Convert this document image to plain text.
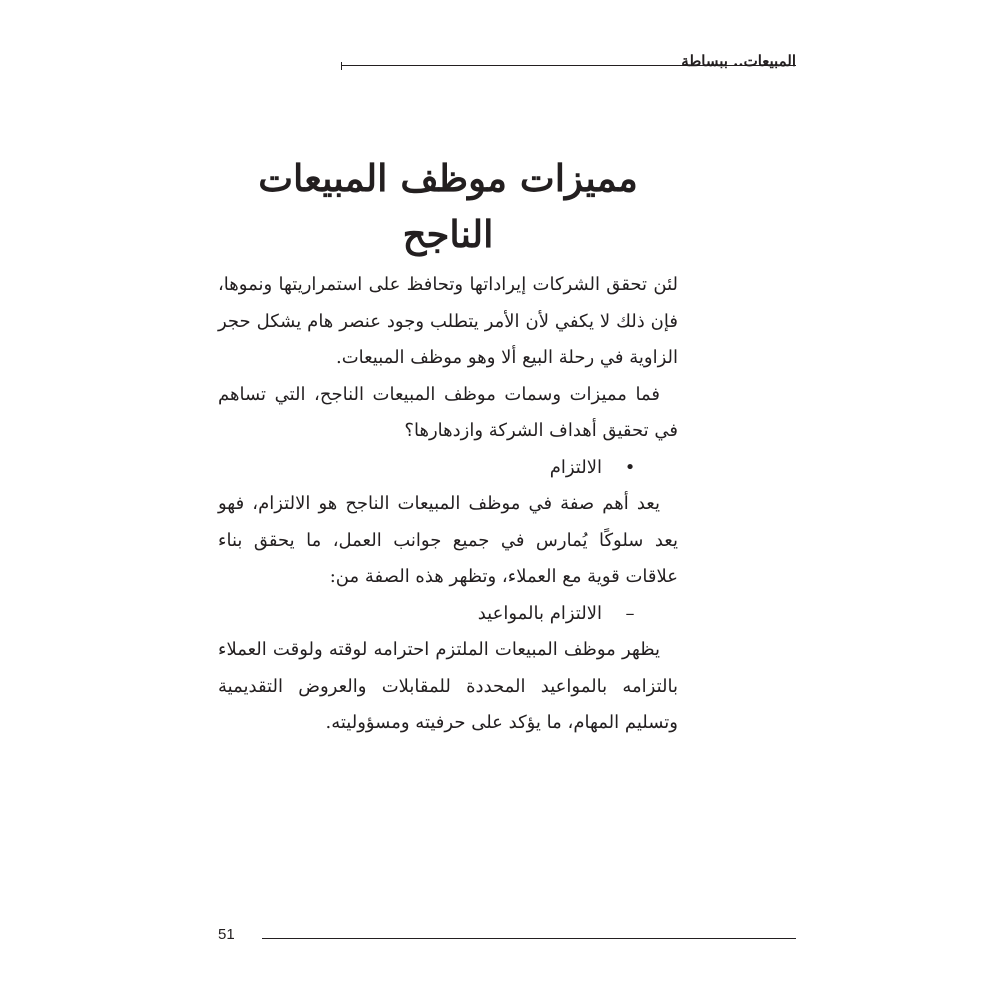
المبيعات.. ببساطة
مميزات موظف المبيعات الناجح

لئن تحقق الشركات إيراداتها وتحافظ على استمراريتها ونموها، فإن ذلك لا يكفي لأن الأمر يتطلب وجود عنصر هام يشكل حجر الزاوية في رحلة البيع ألا وهو موظف المبيعات.

فما مميزات وسمات موظف المبيعات الناجح، التي تساهم في تحقيق أهداف الشركة وازدهارها؟

•
الالتزام

يعد أهم صفة في موظف المبيعات الناجح هو الالتزام، فهو يعد سلوكًا يُمارس في جميع جوانب العمل، ما يحقق بناء علاقات قوية مع العملاء، وتظهر هذه الصفة من:

–
الالتزام بالمواعيد

يظهر موظف المبيعات الملتزم احترامه لوقته ولوقت العملاء بالتزامه بالمواعيد المحددة للمقابلات والعروض التقديمية وتسليم المهام، ما يؤكد على حرفيته ومسؤوليته.

51
